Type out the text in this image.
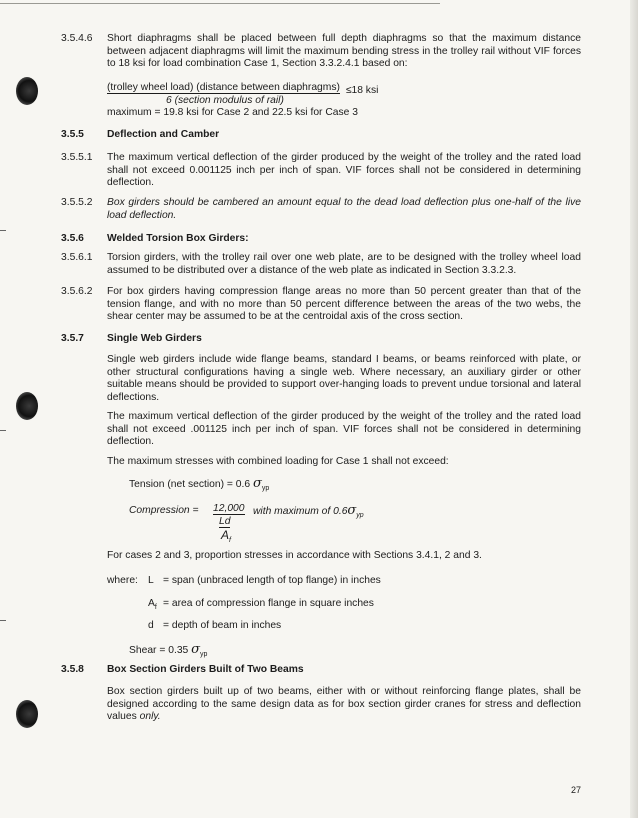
3.5.4.6	Short diaphragms shall be placed between full depth diaphragms so that the maximum distance between adjacent diaphragms will limit the maximum bending stress in the trolley rail without VIF forces to 18 ksi for load combination Case 1, Section 3.3.2.4.1 based on:
(trolley wheel load) (distance between diaphragms) ≤18 ksi
6 (section modulus of rail)
maximum = 19.8 ksi for Case 2 and 22.5 ksi for Case 3
3.5.5	Deflection and Camber
3.5.5.1	The maximum vertical deflection of the girder produced by the weight of the trolley and the rated load shall not exceed 0.001125 inch per inch of span. VIF forces shall not be considered in determining deflection.
3.5.5.2	Box girders should be cambered an amount equal to the dead load deflection plus one-half of the live load deflection.
3.5.6	Welded Torsion Box Girders:
3.5.6.1	Torsion girders, with the trolley rail over one web plate, are to be designed with the trolley wheel load assumed to be distributed over a distance of the web plate as indicated in Section 3.3.2.3.
3.5.6.2	For box girders having compression flange areas no more than 50 percent greater than that of the tension flange, and with no more than 50 percent difference between the areas of the two webs, the shear center may be assumed to be at the centroidal axis of the cross section.
3.5.7	Single Web Girders
Single web girders include wide flange beams, standard I beams, or beams reinforced with plate, or other structural configurations having a single web. Where necessary, an auxiliary girder or other suitable means should be provided to support over-hanging loads to prevent undue torsional and lateral deflections.
The maximum vertical deflection of the girder produced by the weight of the trolley and the rated load shall not exceed .001125 inch per inch of span. VIF forces shall not be considered in determining deflection.
The maximum stresses with combined loading for Case 1 shall not exceed:
Tension (net section) = 0.6 $\sigma_{yp}$
Compression = 12,000 with maximum of $0.6\sigma_{yp}$
Ld
$A_f$
For cases 2 and 3, proportion stresses in accordance with Sections 3.4.1, 2 and 3.
where: L = span (unbraced length of top flange) in inches
$A_f$ = area of compression flange in square inches
d = depth of beam in inches
Shear = 0.35 $\sigma_{yp}$
3.5.8	Box Section Girders Built of Two Beams
Box section girders built up of two beams, either with or without reinforcing flange plates, shall be designed according to the same design data as for box section girder cranes for stress and deflection values only.
27
